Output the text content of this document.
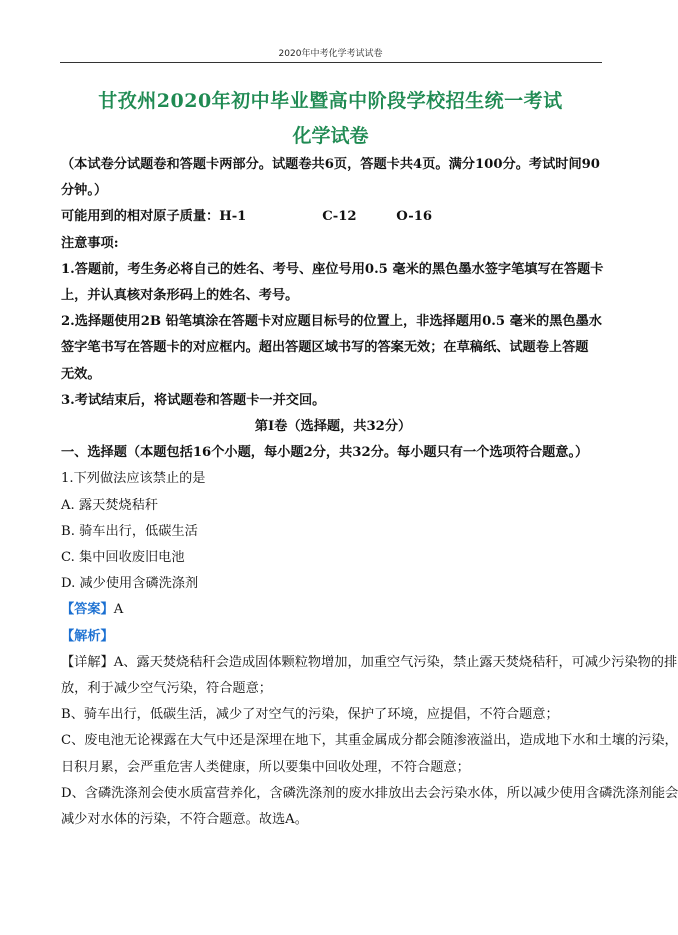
2020年中考化学考试试卷
甘孜州2020年初中毕业暨高中阶段学校招生统一考试
化学试卷
（本试卷分试题卷和答题卡两部分。试题卷共6页，答题卡共4页。满分100分。考试时间90
分钟。）
可能用到的相对原子质量：H-1	C-12	O-16
注意事项:
1.答题前，考生务必将自己的姓名、考号、座位号用0.5 毫米的黑色墨水签字笔填写在答题卡
上，并认真核对条形码上的姓名、考号。
2.选择题使用2B 铅笔填涂在答题卡对应题目标号的位置上，非选择题用0.5 毫米的黑色墨水
签字笔书写在答题卡的对应框内。超出答题区域书写的答案无效；在草稿纸、试题卷上答题
无效。
3.考试结束后，将试题卷和答题卡一并交回。
第Ⅰ卷（选择题，共32分）
一、选择题（本题包括16个小题，每小题2分，共32分。每小题只有一个选项符合题意。）
1.下列做法应该禁止的是
A. 露天焚烧秸秆
B. 骑车出行，低碳生活
C. 集中回收废旧电池
D. 减少使用含磷洗涤剂
【答案】A
【解析】
【详解】A、露天焚烧秸秆会造成固体颗粒物增加，加重空气污染，禁止露天焚烧秸秆，可减少污染物的排
放，利于减少空气污染，符合题意；
B、骑车出行，低碳生活，减少了对空气的污染，保护了环境，应提倡，不符合题意；
C、废电池无论裸露在大气中还是深埋在地下，其重金属成分都会随渗液溢出，造成地下水和土壤的污染，
日积月累，会严重危害人类健康，所以要集中回收处理，不符合题意；
D、含磷洗涤剂会使水质富营养化，含磷洗涤剂的废水排放出去会污染水体，所以减少使用含磷洗涤剂能会
减少对水体的污染，不符合题意。故选A。
